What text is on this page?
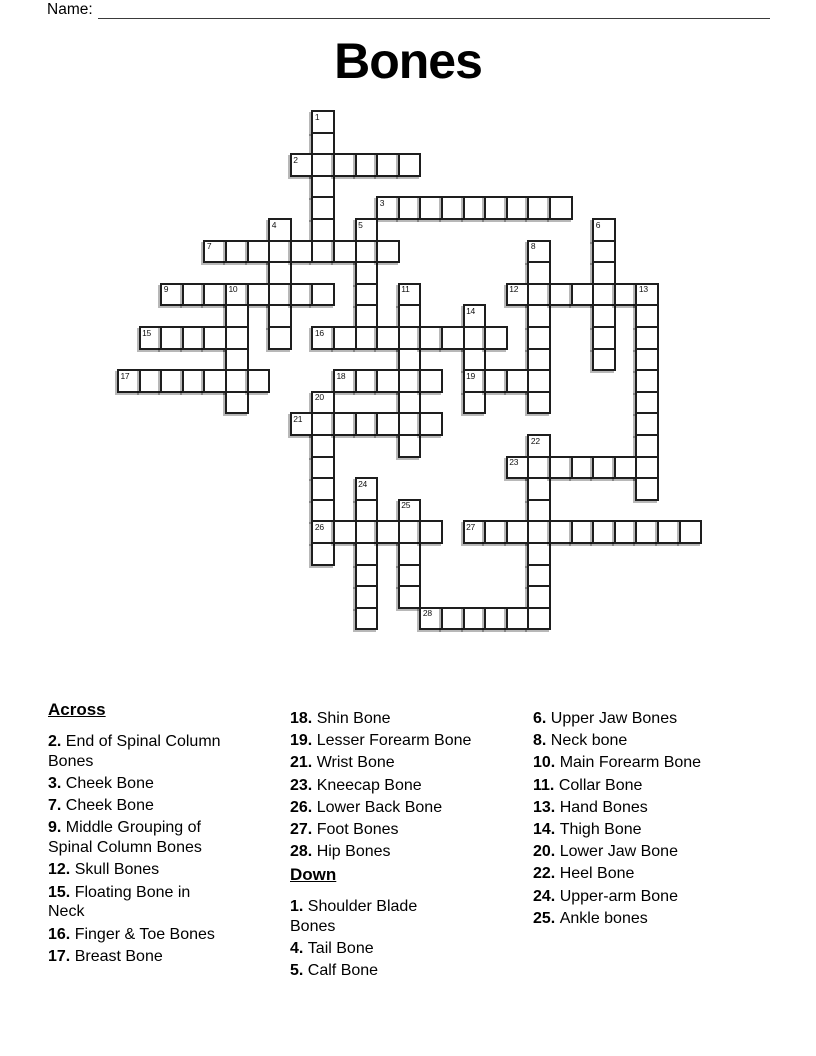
Name:
Bones
1
2
3
4	5	6
7	8
9	10	11	12	13
14
19
15	16
17	18
20
26
21
22
23
24
25
27
28
Across
2. End of Spinal Column
Bones
3. Cheek Bone
7. Cheek Bone
9. Middle Grouping of
Spinal Column Bones
12. Skull Bones
15. Floating Bone in
Neck
16. Finger & Toe Bones
17. Breast Bone
18. Shin Bone
19. Lesser Forearm Bone
21. Wrist Bone
23. Kneecap Bone
26. Lower Back Bone
27. Foot Bones
28. Hip Bones
Down
1. Shoulder Blade
Bones
4. Tail Bone
5. Calf Bone
6. Upper Jaw Bones
8. Neck bone
10. Main Forearm Bone
11. Collar Bone
13. Hand Bones
14. Thigh Bone
20. Lower Jaw Bone
22. Heel Bone
24. Upper-arm Bone
25. Ankle bones
